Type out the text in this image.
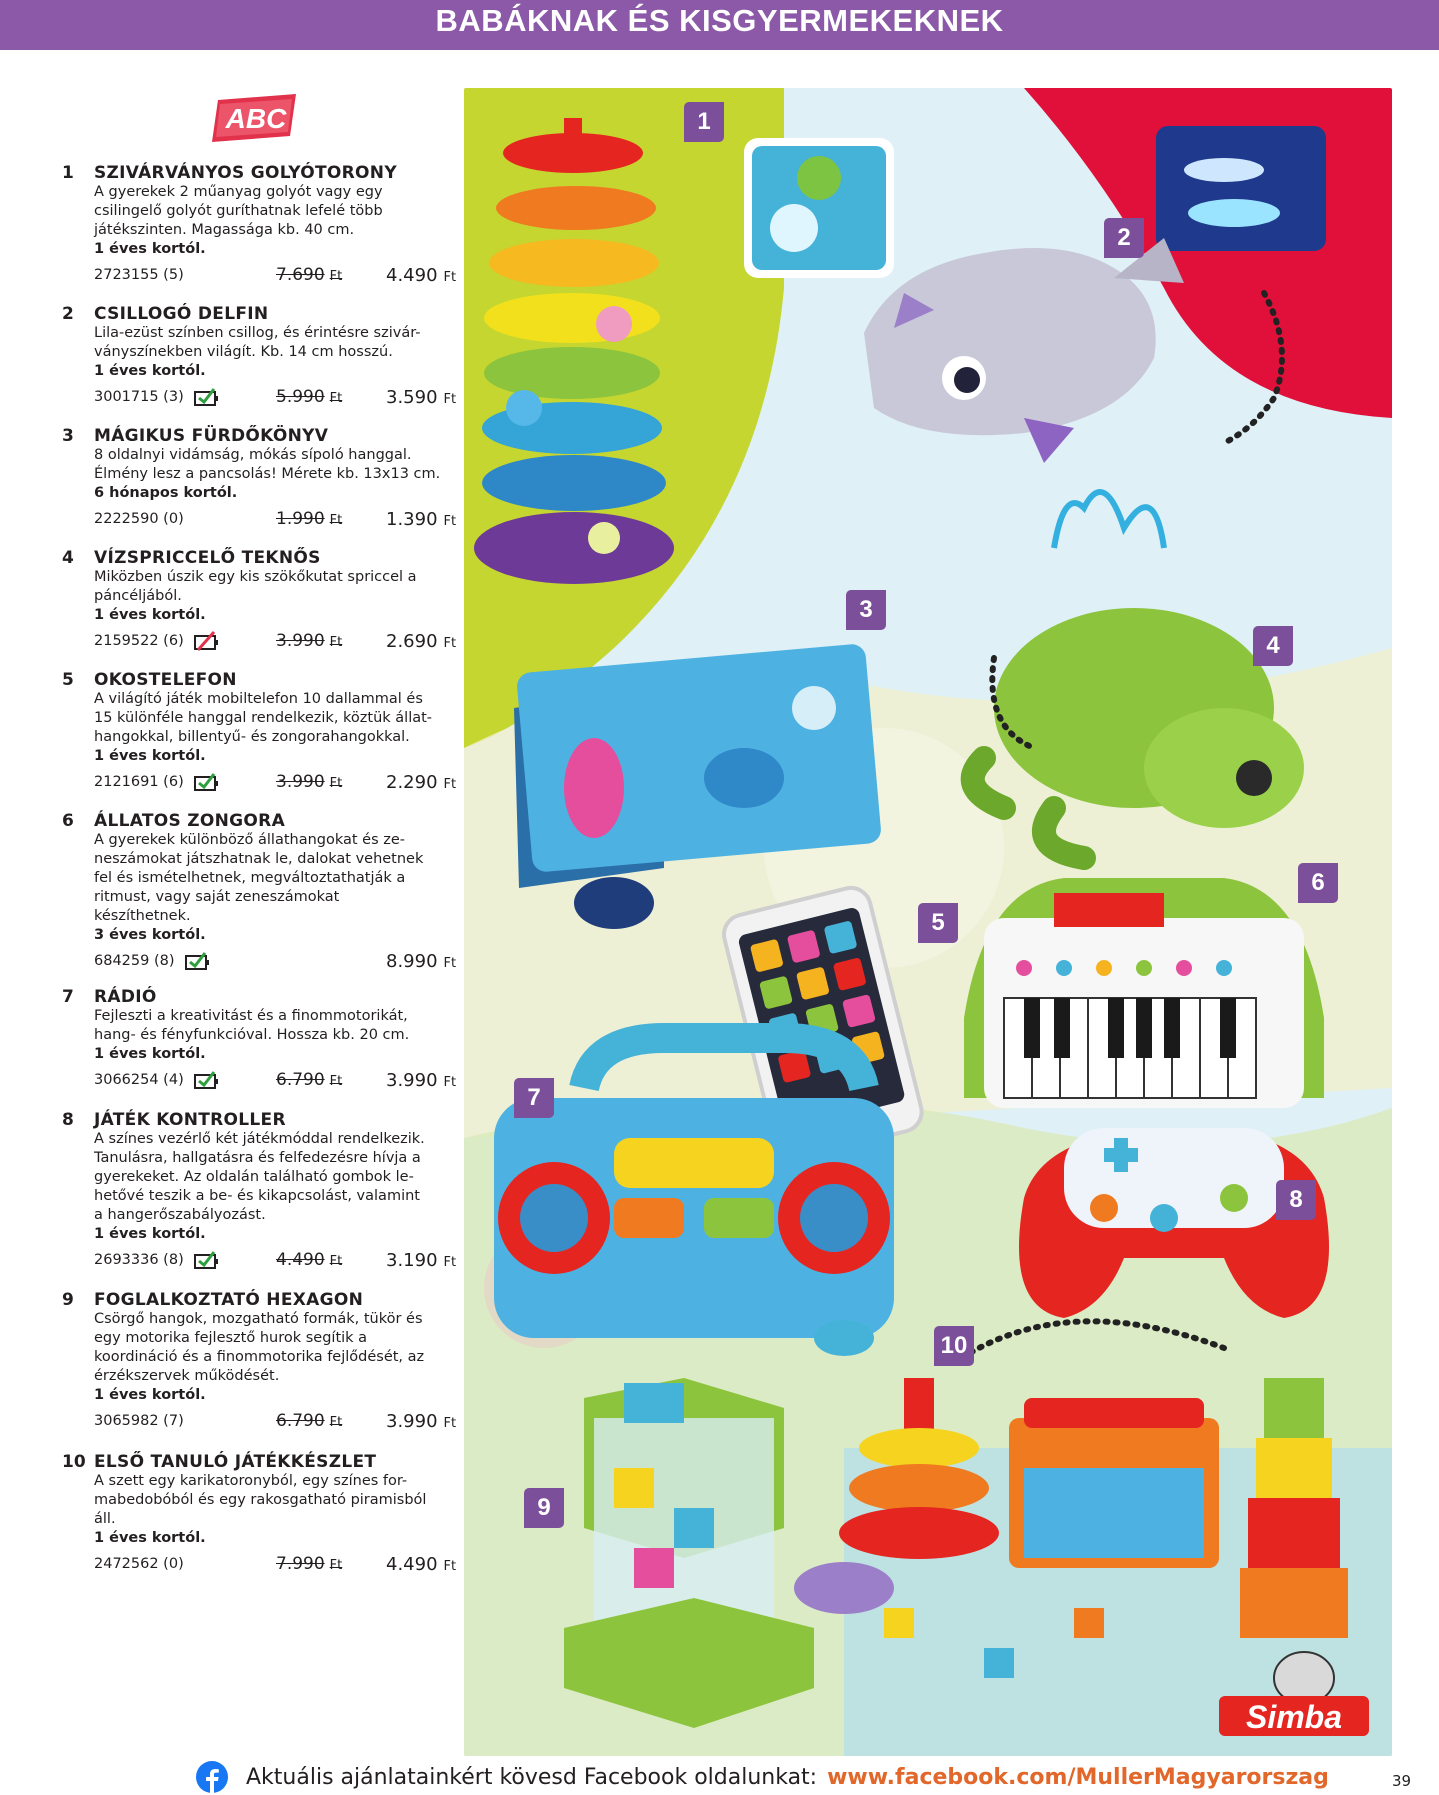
BABÁKNAK ÉS KISGYERMEKEKNEK
ABC
1	SZIVÁRVÁNYOS GOLYÓTORONY
A gyerekek 2 műanyag golyót vagy egy
csilingelő golyót guríthatnak lefelé több
játékszinten. Magassága kb. 40 cm.
1 éves kortól.
2723155 (5)	7.690 Ft 4.490 Ft
2	CSILLOGÓ DELFIN
Lila-ezüst színben csillog, és érintésre szivár-
ványszínekben világít. Kb. 14 cm hosszú.
1 éves kortól.
3001715 (3)	5.990 Ft 3.590 Ft
3	MÁGIKUS FÜRDŐKÖNYV
8 oldalnyi vidámság, mókás sípoló hanggal.
Élmény lesz a pancsolás! Mérete kb. 13x13 cm.
6 hónapos kortól.
2222590 (0)	1.990 Ft 1.390 Ft
4	VÍZSPRICCELŐ TEKNŐS
Miközben úszik egy kis szökőkutat spriccel a
páncéljából.
1 éves kortól.
2159522 (6)	3.990 Ft 2.690 Ft
5	OKOSTELEFON
A világító játék mobiltelefon 10 dallammal és
15 különféle hanggal rendelkezik, köztük állat-
hangokkal, billentyű- és zongorahangokkal.
1 éves kortól.
2121691 (6)	3.990 Ft 2.290 Ft
6	ÁLLATOS ZONGORA
A gyerekek különböző állathangokat és ze-
neszámokat játszhatnak le, dalokat vehetnek
fel és ismételhetnek, megváltoztathatják a
ritmust, vagy saját zeneszámokat
készíthetnek.
3 éves kortól.
684259 (8)	8.990 Ft
7	RÁDIÓ
Fejleszti a kreativitást és a finommotorikát,
hang- és fényfunkcióval. Hossza kb. 20 cm.
1 éves kortól.
3066254 (4)	6.790 Ft 3.990 Ft
8	JÁTÉK KONTROLLER
A színes vezérlő két játékmóddal rendelkezik.
Tanulásra, hallgatásra és felfedezésre hívja a
gyerekeket. Az oldalán található gombok le-
hetővé teszik a be- és kikapcsolást, valamint
a hangerőszabályozást.
1 éves kortól.
2693336 (8)	4.490 Ft 3.190 Ft
9	FOGLALKOZTATÓ HEXAGON
Csörgő hangok, mozgatható formák, tükör és
egy motorika fejlesztő hurok segítik a
koordináció és a finommotorika fejlődését, az
érzékszervek működését.
1 éves kortól.
3065982 (7)	6.790 Ft 3.990 Ft
10 ELSŐ TANULÓ JÁTÉKKÉSZLET
A szett egy karikatoronyból, egy színes for-
mabedobóból és egy rakosgatható piramisból
áll.
1 éves kortól.
2472562 (0)	7.990 Ft 4.490 Ft
Simba
1
2
3
4
5
6
7
8
9
10
Aktuális ajánlatainkért kövesd Facebook oldalunkat: www.facebook.com/MullerMagyarorszag	39
